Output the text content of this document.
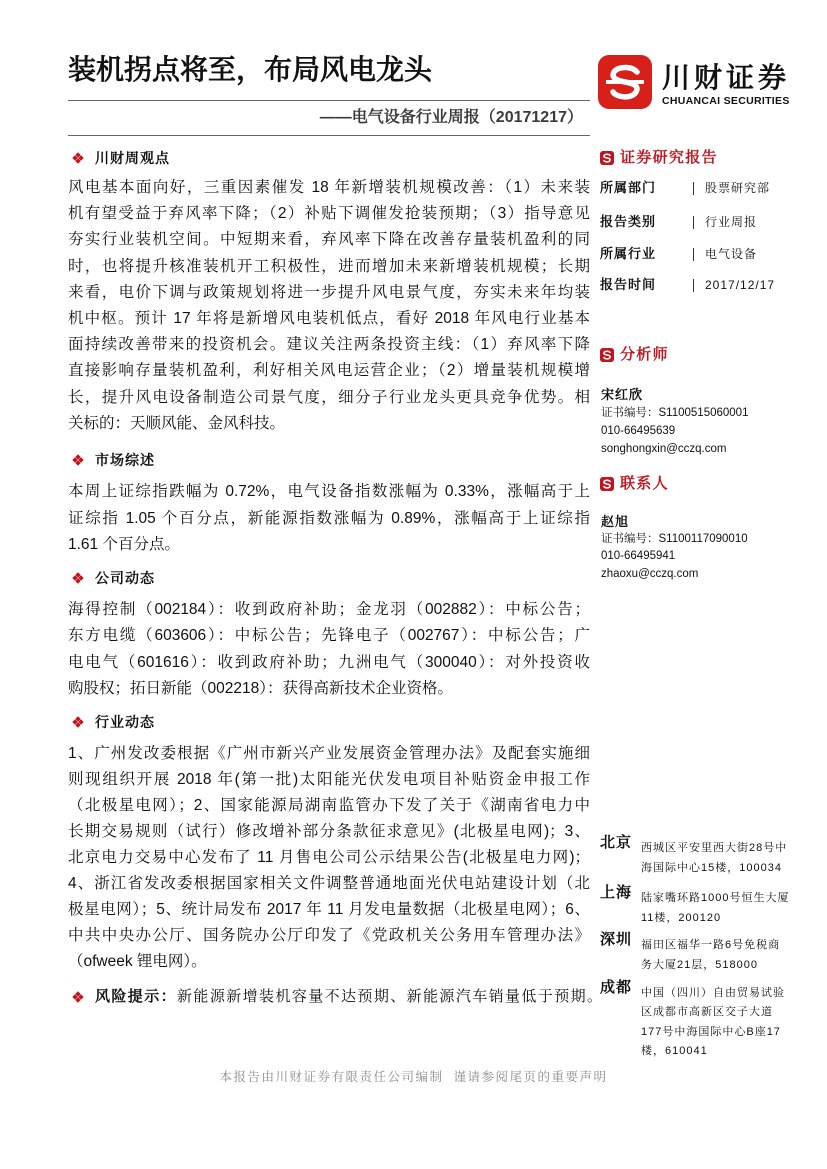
装机拐点将至，布局风电龙头
——电气设备行业周报（20171217）
川财证券
CHUANCAI SECURITIES
川财周观点
风电基本面向好，三重因素催发 18 年新增装机规模改善：（1）未来装
机有望受益于弃风率下降；（2）补贴下调催发抢装预期；（3）指导意见
夯实行业装机空间。中短期来看，弃风率下降在改善存量装机盈利的同
时，也将提升核准装机开工积极性，进而增加未来新增装机规模；长期
来看，电价下调与政策规划将进一步提升风电景气度，夯实未来年均装
机中枢。预计 17 年将是新增风电装机低点，看好 2018 年风电行业基本
面持续改善带来的投资机会。建议关注两条投资主线：（1）弃风率下降
直接影响存量装机盈利，利好相关风电运营企业；（2）增量装机规模增
长，提升风电设备制造公司景气度，细分子行业龙头更具竞争优势。相
关标的：天顺风能、金风科技。
市场综述
本周上证综指跌幅为 0.72%，电气设备指数涨幅为 0.33%，涨幅高于上
证综指 1.05 个百分点，新能源指数涨幅为 0.89%，涨幅高于上证综指
1.61 个百分点。
公司动态
海得控制（002184）：收到政府补助；金龙羽（002882）：中标公告；
东方电缆（603606）：中标公告；先锋电子（002767）：中标公告；广
电电气（601616）：收到政府补助；九洲电气（300040）：对外投资收
购股权；拓日新能（002218）：获得高新技术企业资格。
行业动态
1、广州发改委根据《广州市新兴产业发展资金管理办法》及配套实施细
则现组织开展 2018 年(第一批)太阳能光伏发电项目补贴资金申报工作
（北极星电网）；2、国家能源局湖南监管办下发了关于《湖南省电力中
长期交易规则（试行）修改增补部分条款征求意见》(北极星电网)；3、
北京电力交易中心发布了 11 月售电公司公示结果公告(北极星电力网)；
4、浙江省发改委根据国家相关文件调整普通地面光伏电站建设计划（北
极星电网）；5、统计局发布 2017 年 11 月发电量数据（北极星电网）；6、
中共中央办公厅、国务院办公厅印发了《党政机关公务用车管理办法》
（ofweek 锂电网）。
风险提示： 新能源新增装机容量不达预期、新能源汽车销量低于预期。
证券研究报告
所属部门	股票研究部
报告类别	行业周报
所属行业	电气设备
报告时间	2017/12/17
分析师
宋红欣
证书编号：S1100515060001
010-66495639
songhongxin@cczq.com
联系人
赵旭
证书编号：S1100117090010
010-66495941
zhaoxu@cczq.com
北京 西城区平安里西大街28号中
海国际中心15楼，100034
上海 陆家嘴环路1000号恒生大厦
11楼，200120
深圳 福田区福华一路6号免税商
务大厦21层，518000
成都 中国（四川）自由贸易试验
区成都市高新区交子大道
177号中海国际中心B座17
楼，610041
本报告由川财证券有限责任公司编制  谨请参阅尾页的重要声明
